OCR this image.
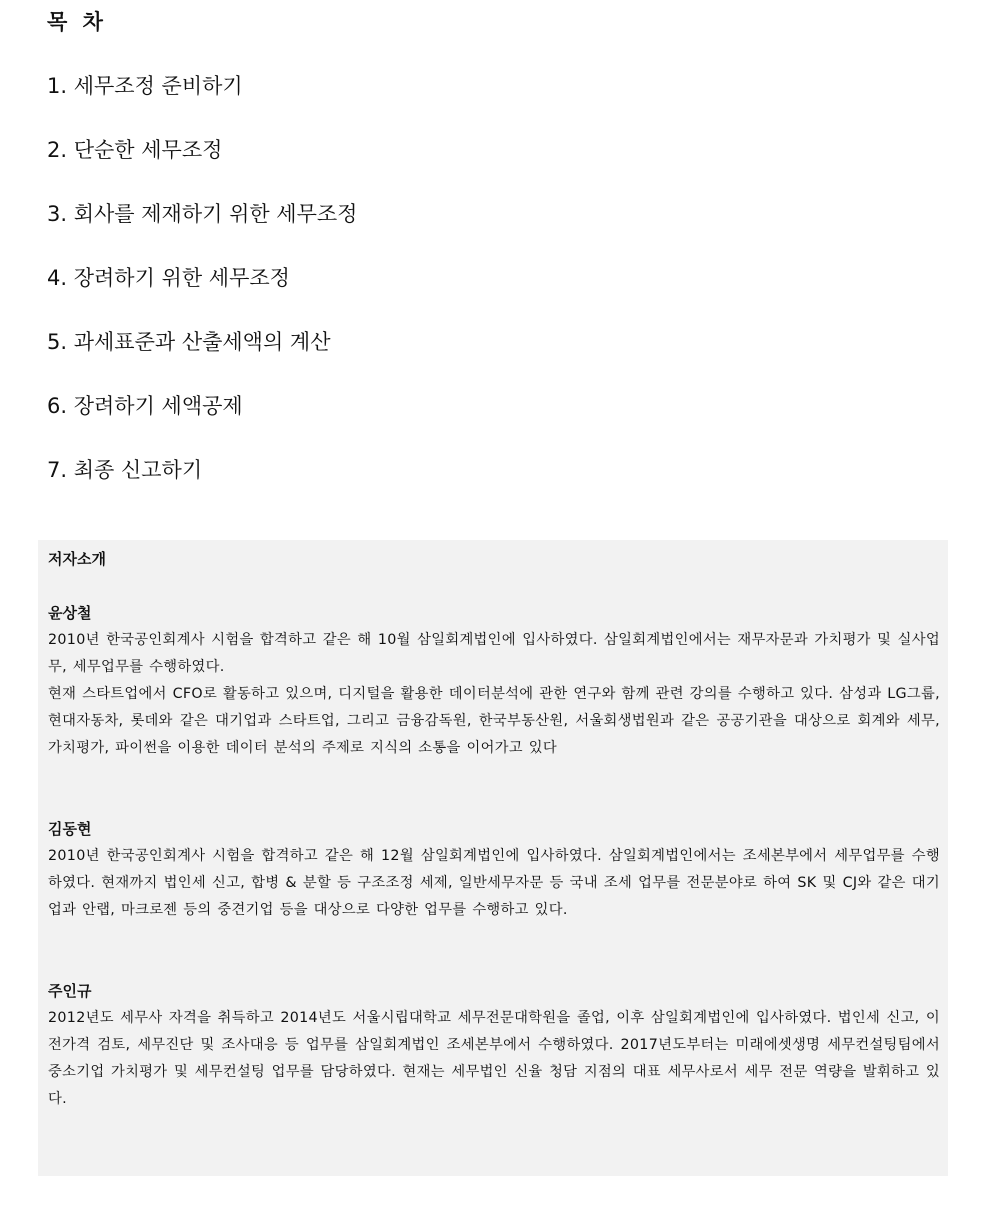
목 차
1. 세무조정 준비하기
2. 단순한 세무조정
3. 회사를 제재하기 위한 세무조정
4. 장려하기 위한 세무조정
5. 과세표준과 산출세액의 계산
6. 장려하기 세액공제
7. 최종 신고하기
저자소개
윤상철

2010년 한국공인회계사 시험을 합격하고 같은 해 10월 삼일회계법인에 입사하였다. 삼일회계법인에서는 재무자문과 가치평가 및 실사업무, 세무업무를 수행하였다.

현재 스타트업에서 CFO로 활동하고 있으며, 디지털을 활용한 데이터분석에 관한 연구와 함께 관련 강의를 수행하고 있다. 삼성과 LG그룹, 현대자동차, 롯데와 같은 대기업과 스타트업, 그리고 금융감독원, 한국부동산원, 서울회생법원과 같은 공공기관을 대상으로 회계와 세무, 가치평가, 파이썬을 이용한 데이터 분석의 주제로 지식의 소통을 이어가고 있다

김동현

2010년 한국공인회계사 시험을 합격하고 같은 해 12월 삼일회계법인에 입사하였다. 삼일회계법인에서는 조세본부에서 세무업무를 수행하였다. 현재까지 법인세 신고, 합병 & 분할 등 구조조정 세제, 일반세무자문 등 국내 조세 업무를 전문분야로 하여 SK 및 CJ와 같은 대기업과 안랩, 마크로젠 등의 중견기업 등을 대상으로 다양한 업무를 수행하고 있다.

주인규

2012년도 세무사 자격을 취득하고 2014년도 서울시립대학교 세무전문대학원을 졸업, 이후 삼일회계법인에 입사하였다. 법인세 신고, 이전가격 검토, 세무진단 및 조사대응 등 업무를 삼일회계법인 조세본부에서 수행하였다. 2017년도부터는 미래에셋생명 세무컨설팅팀에서 중소기업 가치평가 및 세무컨설팅 업무를 담당하였다. 현재는 세무법인 신율 청담 지점의 대표 세무사로서 세무 전문 역량을 발휘하고 있다.
